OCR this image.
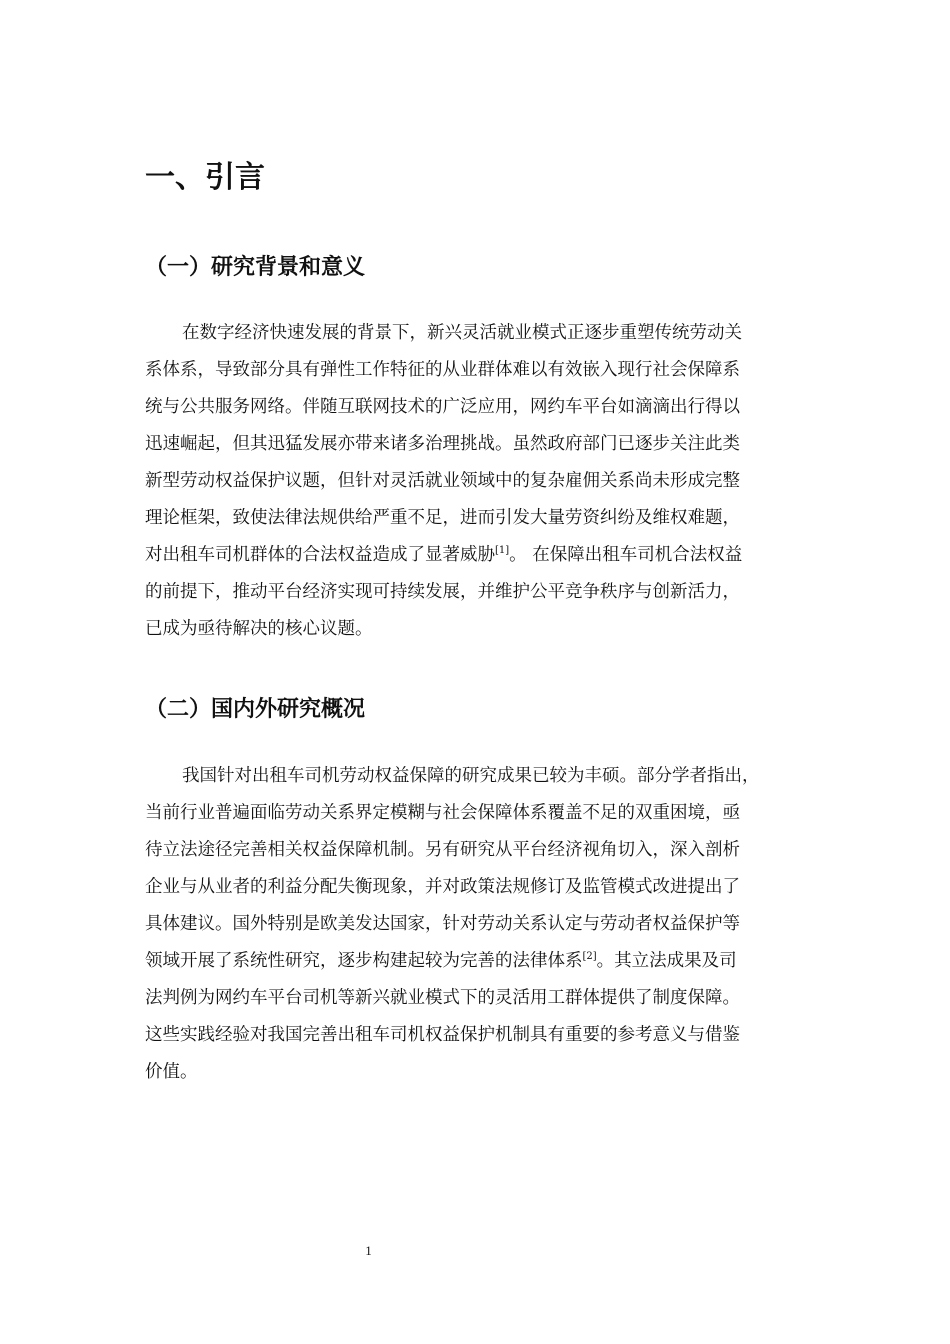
一、引言
（一）研究背景和意义
在数字经济快速发展的背景下，新兴灵活就业模式正逐步重塑传统劳动关
系体系，导致部分具有弹性工作特征的从业群体难以有效嵌入现行社会保障系
统与公共服务网络。伴随互联网技术的广泛应用，网约车平台如滴滴出行得以
迅速崛起，但其迅猛发展亦带来诸多治理挑战。虽然政府部门已逐步关注此类
新型劳动权益保护议题，但针对灵活就业领域中的复杂雇佣关系尚未形成完整
理论框架，致使法律法规供给严重不足，进而引发大量劳资纠纷及维权难题，
对出租车司机群体的合法权益造成了显著威胁[1]。 在保障出租车司机合法权益
的前提下，推动平台经济实现可持续发展，并维护公平竞争秩序与创新活力，
已成为亟待解决的核心议题。
（二）国内外研究概况
我国针对出租车司机劳动权益保障的研究成果已较为丰硕。部分学者指出，
当前行业普遍面临劳动关系界定模糊与社会保障体系覆盖不足的双重困境，亟
待立法途径完善相关权益保障机制。另有研究从平台经济视角切入，深入剖析
企业与从业者的利益分配失衡现象，并对政策法规修订及监管模式改进提出了
具体建议。国外特别是欧美发达国家，针对劳动关系认定与劳动者权益保护等
领域开展了系统性研究，逐步构建起较为完善的法律体系[2]。其立法成果及司
法判例为网约车平台司机等新兴就业模式下的灵活用工群体提供了制度保障。
这些实践经验对我国完善出租车司机权益保护机制具有重要的参考意义与借鉴
价值。
1
